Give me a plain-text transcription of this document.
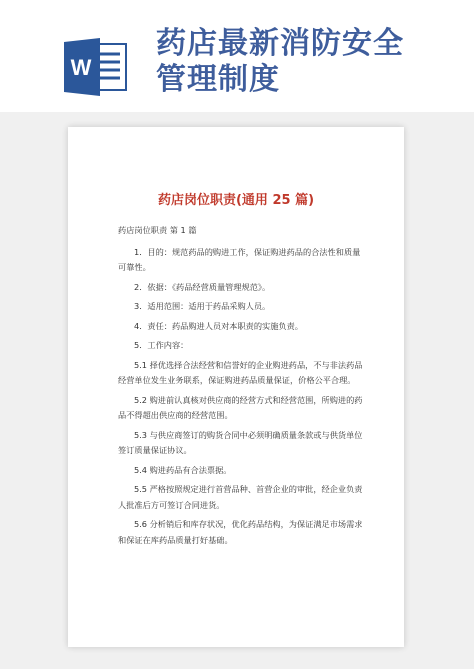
W
药店最新消防安全
管理制度
药店岗位职责(通用 25 篇)

药店岗位职责 第 1 篇

1．目的：规范药品的购进工作，保证购进药品的合法性和质量可靠性。

2．依据：《药品经营质量管理规范》。

3．适用范围：适用于药品采购人员。

4．责任：药品购进人员对本职责的实施负责。

5．工作内容：

5.1 择优选择合法经营和信誉好的企业购进药品，不与非法药品经营单位发生业务联系，保证购进药品质量保证，价格公平合理。

5.2 购进前认真核对供应商的经营方式和经营范围，所购进的药品不得超出供应商的经营范围。

5.3 与供应商签订的购货合同中必须明确质量条款或与供货单位签订质量保证协议。

5.4 购进药品有合法票据。

5.5 严格按照规定进行首营品种、首营企业的审批，经企业负责人批准后方可签订合同进货。

5.6 分析销后和库存状况，优化药品结构，为保证满足市场需求和保证在库药品质量打好基础。
